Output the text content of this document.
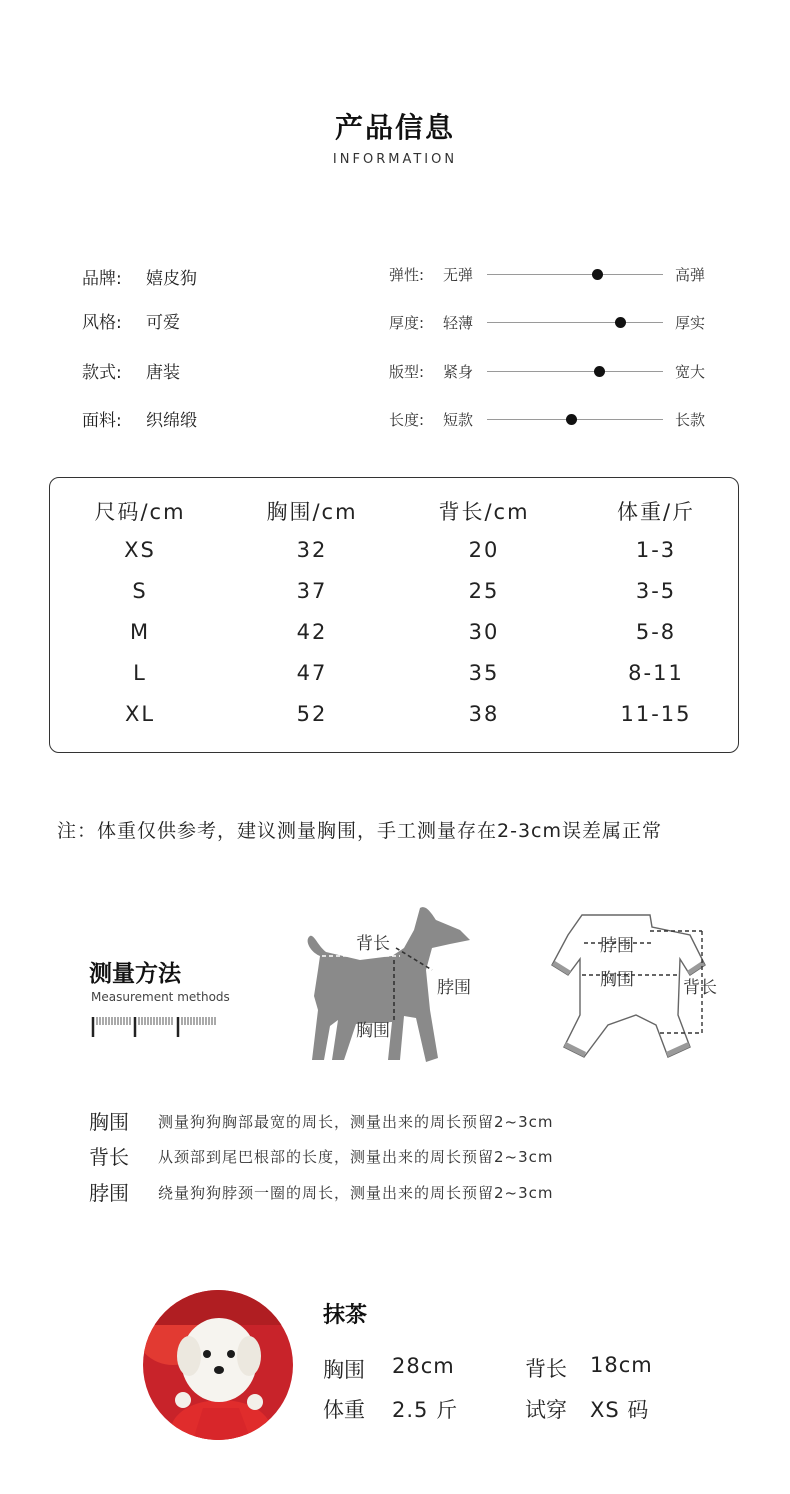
产品信息
INFORMATION
品牌: 嬉皮狗
风格: 可爱
款式: 唐装
面料: 织绵缎
弹性: 无弹	高弹
厚度: 轻薄	厚实
版型: 紧身	宽大
长度: 短款	长款
尺码/cm	胸围/cm	背长/cm	体重/斤
XS	32	20	1-3
S	37	25	3-5
M	42	30	5-8
L	47	35	8-11
XL	52	38	11-15
注：体重仅供参考，建议测量胸围，手工测量存在2-3cm误差属正常
测量方法
Measurement methods
背长
脖围
胸围
脖围
胸围	背长
胸围 测量狗狗胸部最宽的周长，测量出来的周长预留2~3cm
背长 从颈部到尾巴根部的长度，测量出来的周长预留2~3cm
脖围 绕量狗狗脖颈一圈的周长，测量出来的周长预留2~3cm
抹茶
胸围 28cm	背长 18cm
体重 2.5 斤	试穿 XS 码
